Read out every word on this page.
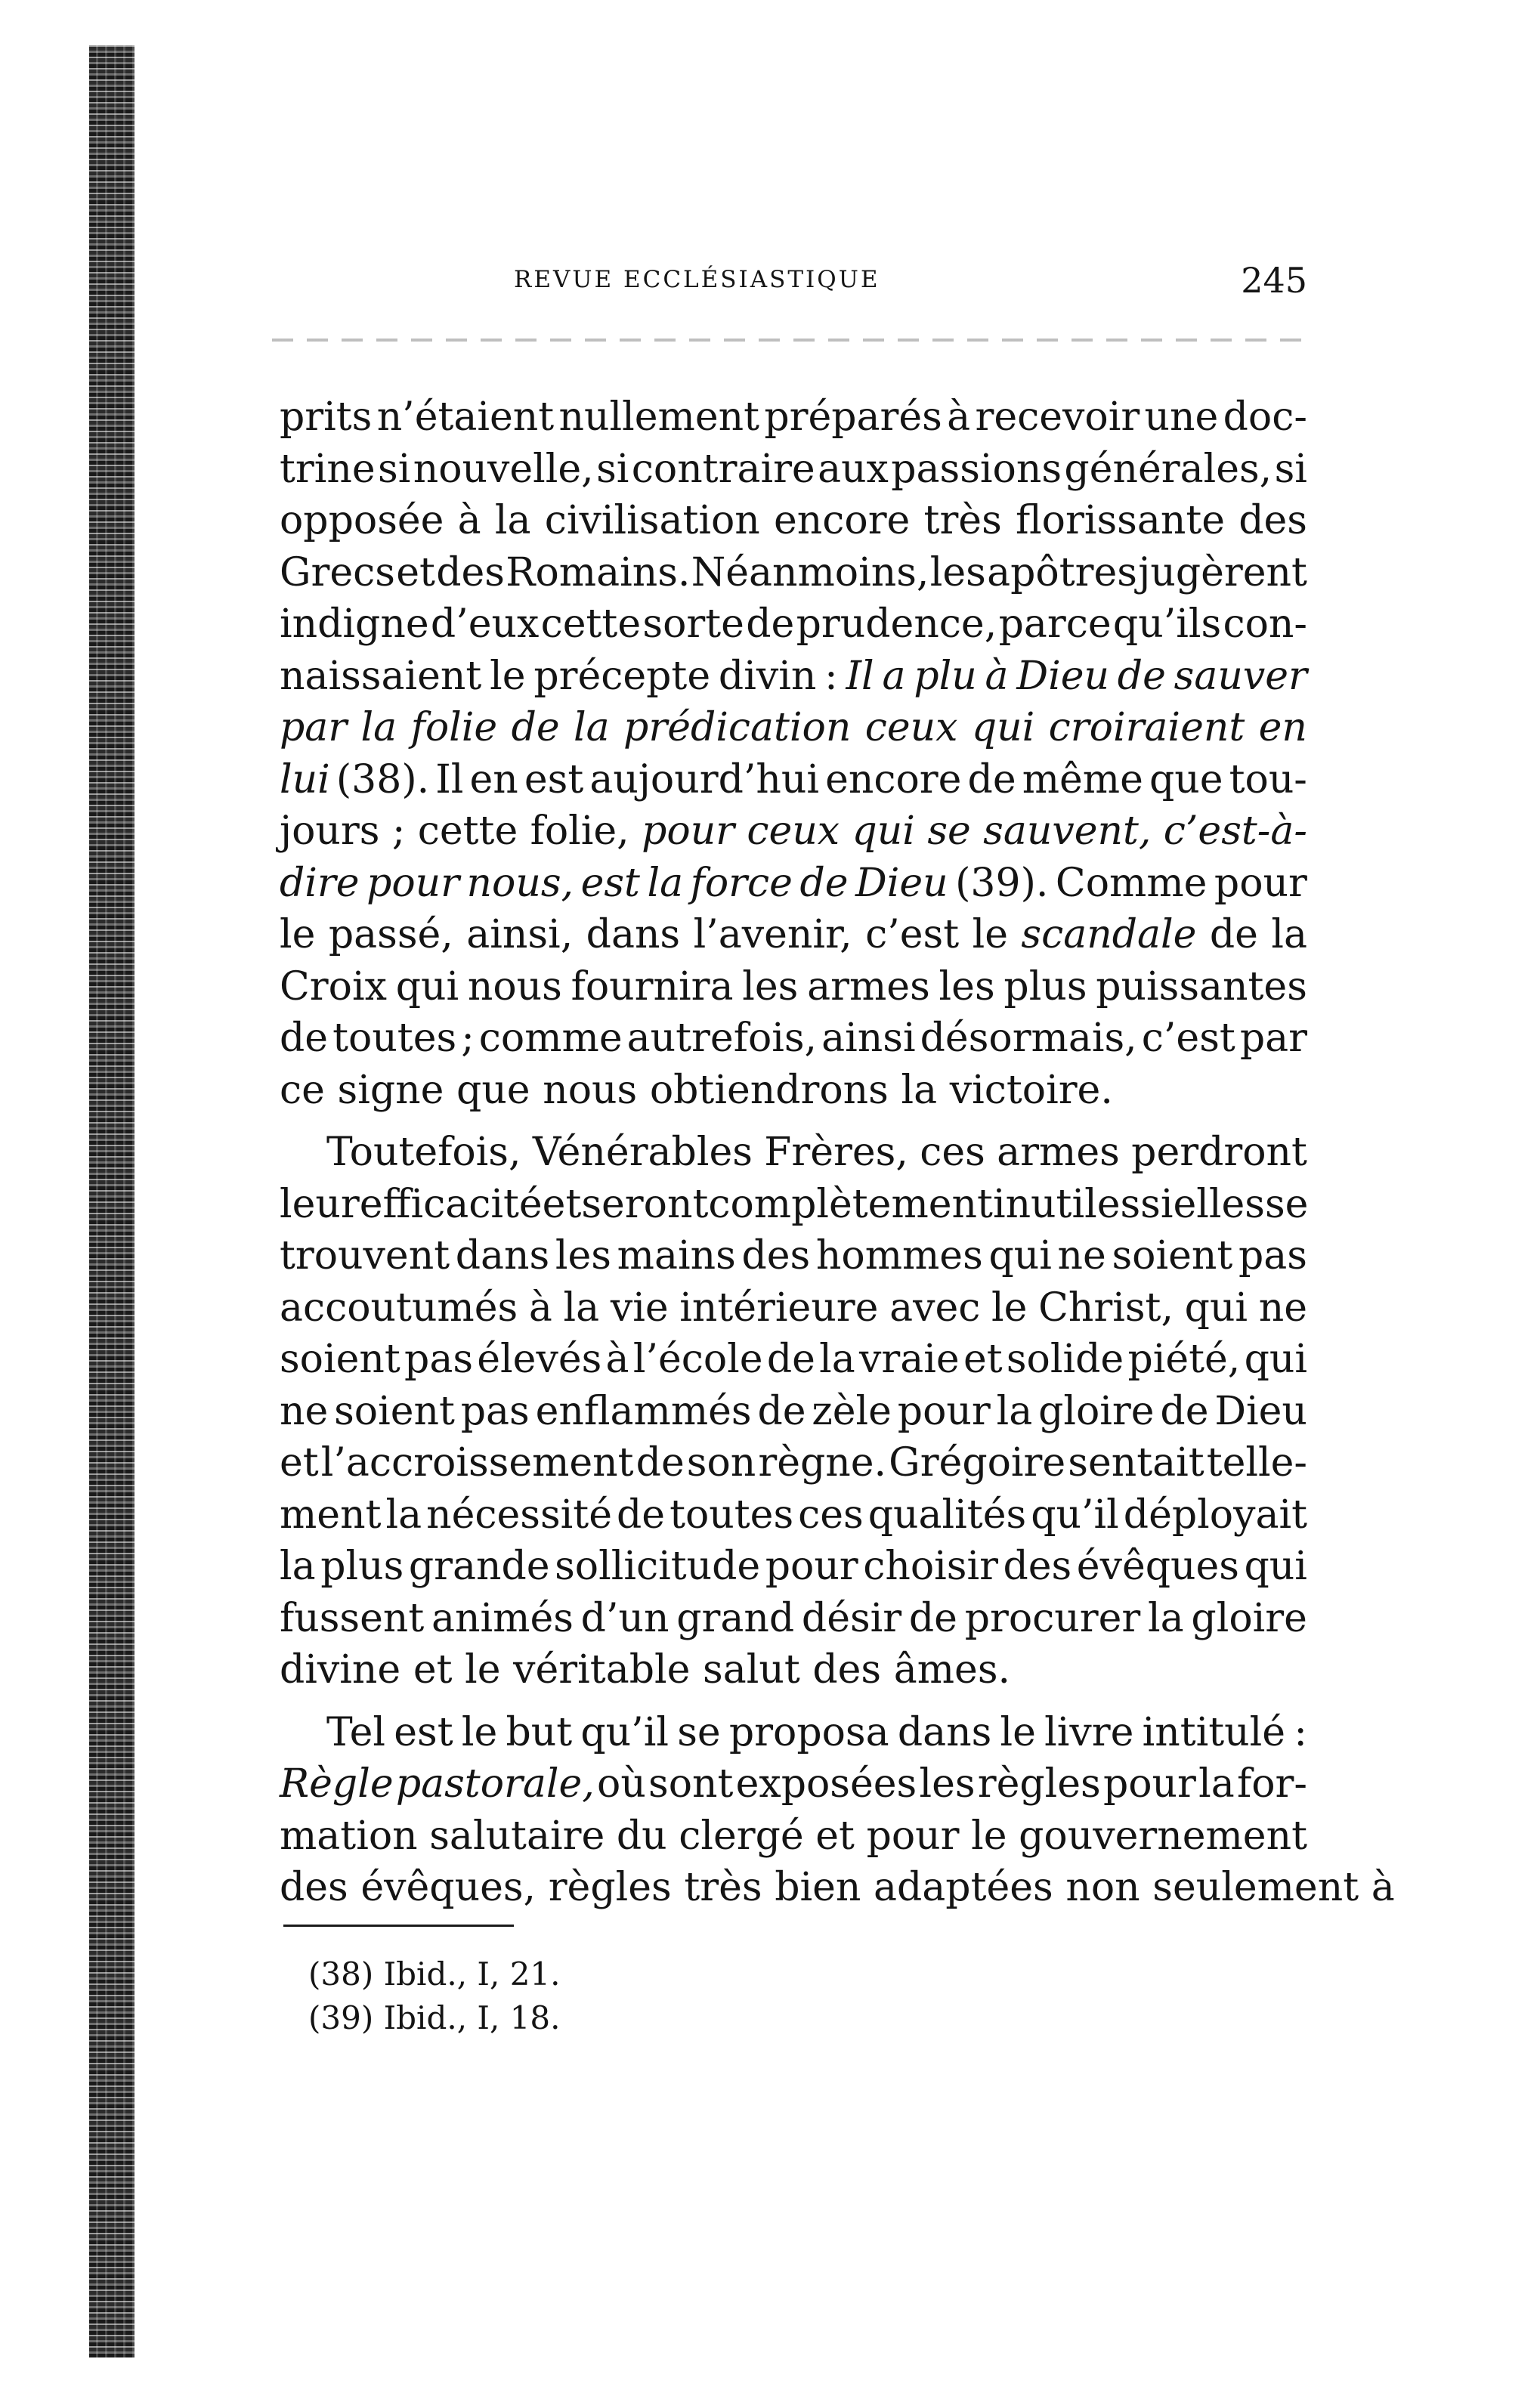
REVUE ECCLÉSIASTIQUE	245
prits n’étaient nullement préparés à recevoir une doc-
trine si nouvelle, si contraire aux passions générales, si
opposée à la civilisation encore très florissante des
Grecs et des Romains. Néanmoins, les apôtres jugèrent
indigne d’eux cette sorte de prudence, parce qu’ils con-
naissaient le précepte divin : Il a plu à Dieu de sauver
par la folie de la prédication ceux qui croiraient en
lui (38). Il en est aujourd’hui encore de même que tou-
jours ; cette folie, pour ceux qui se sauvent, c’est-à-
dire pour nous, est la force de Dieu (39). Comme pour
le passé, ainsi, dans l’avenir, c’est le scandale de la
Croix qui nous fournira les armes les plus puissantes
de toutes ; comme autrefois, ainsi désormais, c’est par
ce signe que nous obtiendrons la victoire.
Toutefois, Vénérables Frères, ces armes perdront
leur efficacité et seront complètement inutiles si elles se
trouvent dans les mains des hommes qui ne soient pas
accoutumés à la vie intérieure avec le Christ, qui ne
soient pas élevés à l’école de la vraie et solide piété, qui
ne soient pas enflammés de zèle pour la gloire de Dieu
et l’accroissement de son règne. Grégoire sentait telle-
ment la nécessité de toutes ces qualités qu’il déployait
la plus grande sollicitude pour choisir des évêques qui
fussent animés d’un grand désir de procurer la gloire
divine et le véritable salut des âmes.
Tel est le but qu’il se proposa dans le livre intitulé :
Règle pastorale, où sont exposées les règles pour la for-
mation salutaire du clergé et pour le gouvernement
des évêques, règles très bien adaptées non seulement à
(38) Ibid., I, 21.
(39) Ibid., I, 18.
